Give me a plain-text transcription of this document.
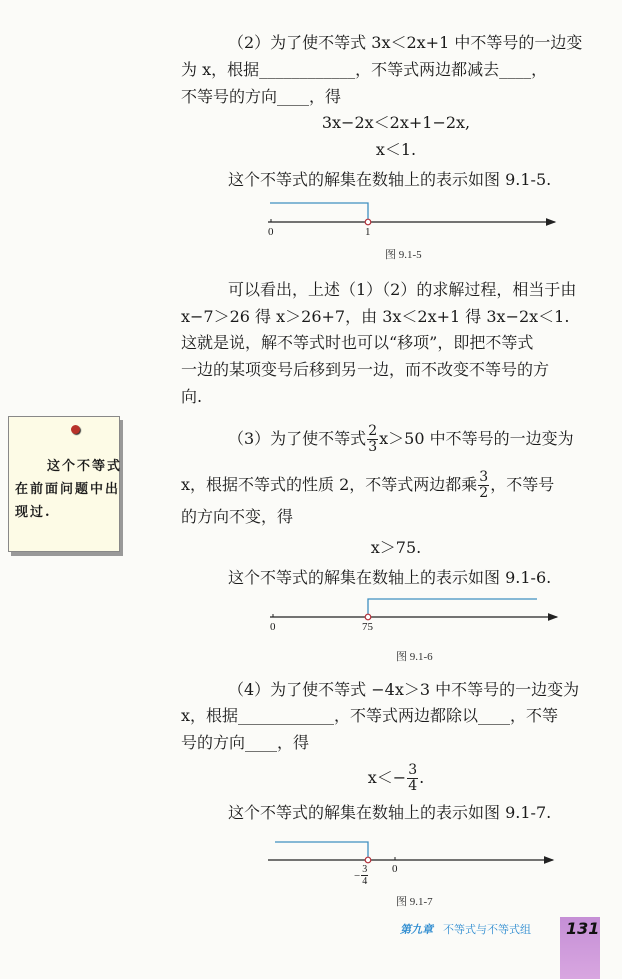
（2）为了使不等式 3x＜2x+1 中不等号的一边变
为 x，根据____________，不等式两边都减去____，
不等号的方向____，得
3x−2x＜2x+1−2x,
x＜1.
这个不等式的解集在数轴上的表示如图 9.1-5.
0	1
图 9.1-5
可以看出，上述（1）（2）的求解过程，相当于由
x−7＞26 得 x＞26+7，由 3x＜2x+1 得 3x−2x＜1.
这就是说，解不等式时也可以“移项”，即把不等式
一边的某项变号后移到另一边，而不改变不等号的方
向.
这个不等式
在前面问题中出
现过.
（3）为了使不等式 $\frac{2}{3} x>50$ 中不等号的一边变为
x，根据不等式的性质 2，不等式两边都乘 $\frac{3}{2}$ ，不等号
的方向不变，得
x＞75.
这个不等式的解集在数轴上的表示如图 9.1-6.
0	75
图 9.1-6
（4）为了使不等式 −4x＞3 中不等号的一边变为
x，根据____________，不等式两边都除以____，不等
号的方向____，得
$x<- \frac{3}{4}$ .
这个不等式的解集在数轴上的表示如图 9.1-7.
− $\frac{3}{4} 0$
图 9.1-7
第九章 不等式与不等式组 131
